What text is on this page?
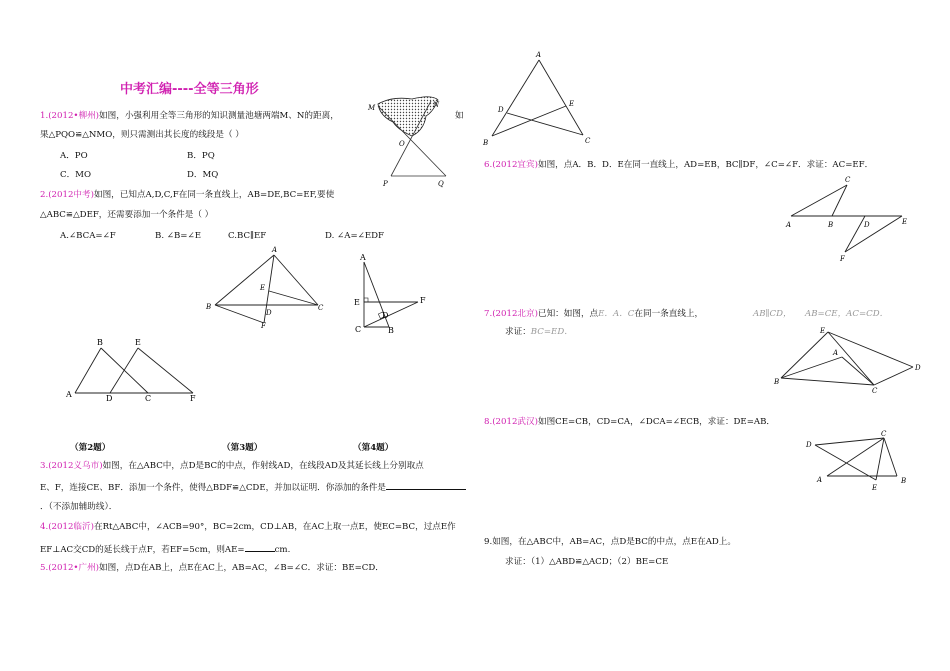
中考汇编----全等三角形
1.(2012•柳州)如图，小强利用全等三角形的知识测量池塘两端M、N的距离，	如
果△PQO≌△NMO，则只需测出其长度的线段是（ ）
A．PO	B．PQ
C．MO	D．MQ
2.(2012中考)如图，已知点A,D,C,F在同一条直线上，AB=DE,BC=EF,要使
△ABC≌△DEF，还需要添加一个条件是（ ）
A.∠BCA=∠F	B. ∠B=∠E	C.BC∥EF	D. ∠A=∠EDF
（第2题）	（第3题）	（第4题）
3.(2012义乌市)如图，在△ABC中，点D是BC的中点，作射线AD，在线段AD及其延长线上分别取点
E、F，连接CE、BF．添加一个条件，使得△BDF≌△CDE，并加以证明．你添加的条件是
．（不添加辅助线）．
4.(2012临沂)在Rt△ABC中，∠ACB=90°，BC=2cm，CD⊥AB，在AC上取一点E，使EC=BC，过点E作
EF⊥AC交CD的延长线于点F，若EF=5cm，则AE=	cm.
5.(2012•广州)如图，点D在AB上，点E在AC上，AB=AC，∠B=∠C．求证：BE=CD．
6.(2012宜宾)如图，点A．B．D．E在同一直线上，AD=EB，BC∥DF，∠C=∠F．求证：AC=EF．
7.(2012北京)已知：如图，点E．A．C在同一条直线上，	AB∥CD， AB=CE，AC=CD．
求证：BC=ED．
8.(2012武汉)如图CE=CB，CD=CA，∠DCA=∠ECB，求证：DE=AB．
9.如图，在△ABC中，AB=AC，点D是BC的中点，点E在AD上。
求证：（1）△ABD≌△ACD；（2）BE=CE
M	N
O
P	Q
B	E
A	D	C	F
A
B	C
D
E
F
A
B
C
D
E	F
A
B	C
D
E
C
A	B	D	E
F
E
A
B
C
D
D
C
A
E
B
